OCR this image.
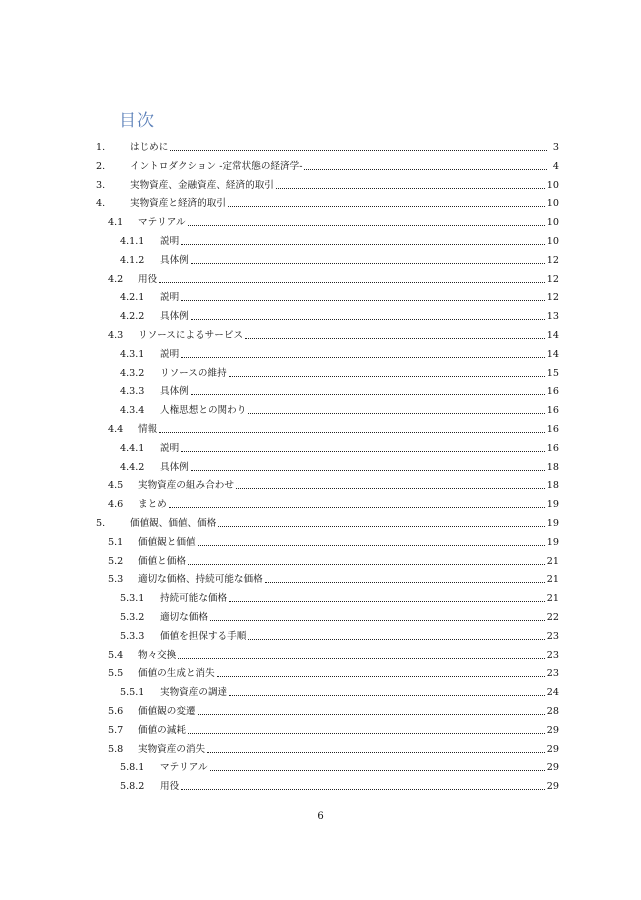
目次
1.	はじめに	3
2.	イントロダクション -定常状態の経済学-	4
3.	実物資産、金融資産、経済的取引	10
4.	実物資産と経済的取引	10
4.1	マテリアル	10
4.1.1	説明	10
4.1.2	具体例	12
4.2	用役	12
4.2.1	説明	12
4.2.2	具体例	13
4.3	リソースによるサービス	14
4.3.1	説明	14
4.3.2	リソースの維持	15
4.3.3	具体例	16
4.3.4	人権思想との関わり	16
4.4	情報	16
4.4.1	説明	16
4.4.2	具体例	18
4.5	実物資産の組み合わせ	18
4.6	まとめ	19
5.	価値観、価値、価格	19
5.1	価値観と価値	19
5.2	価値と価格	21
5.3	適切な価格、持続可能な価格	21
5.3.1	持続可能な価格	21
5.3.2	適切な価格	22
5.3.3	価値を担保する手順	23
5.4	物々交換	23
5.5	価値の生成と消失	23
5.5.1	実物資産の調達	24
5.6	価値観の変遷	28
5.7	価値の減耗	29
5.8	実物資産の消失	29
5.8.1	マテリアル	29
5.8.2	用役	29
6
